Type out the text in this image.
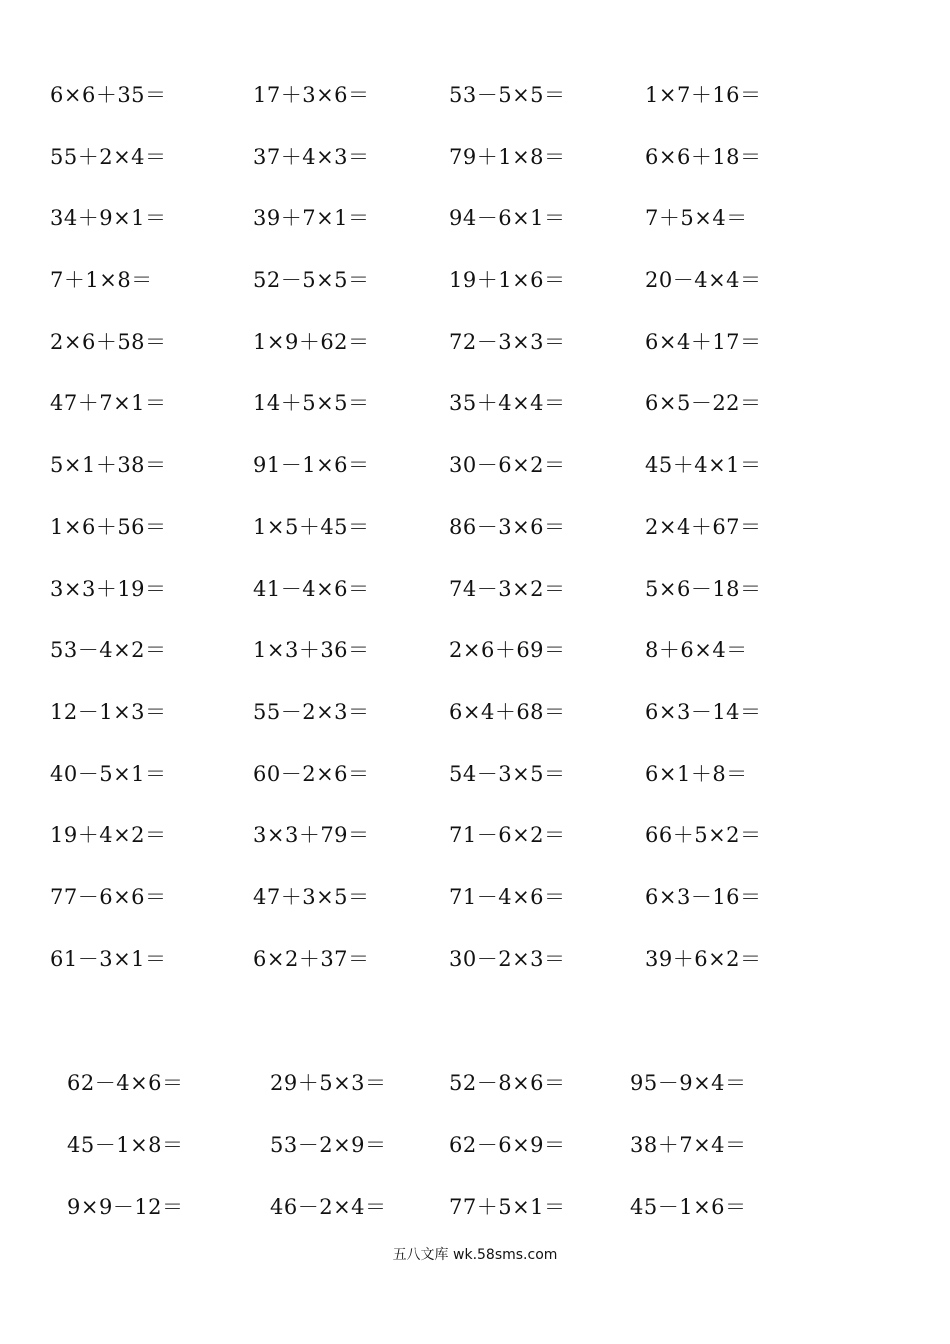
6×6＋35＝	17＋3×6＝	53－5×5＝	1×7＋16＝
55＋2×4＝	37＋4×3＝	79＋1×8＝	6×6＋18＝
34＋9×1＝	39＋7×1＝	94－6×1＝	7＋5×4＝
7＋1×8＝	52－5×5＝	19＋1×6＝	20－4×4＝
2×6＋58＝	1×9＋62＝	72－3×3＝	6×4＋17＝
47＋7×1＝	14＋5×5＝	35＋4×4＝	6×5－22＝
5×1＋38＝	91－1×6＝	30－6×2＝	45＋4×1＝
1×6＋56＝	1×5＋45＝	86－3×6＝	2×4＋67＝
3×3＋19＝	41－4×6＝	74－3×2＝	5×6－18＝
53－4×2＝	1×3＋36＝	2×6＋69＝	8＋6×4＝
12－1×3＝	55－2×3＝	6×4＋68＝	6×3－14＝
40－5×1＝	60－2×6＝	54－3×5＝	6×1＋8＝
19＋4×2＝	3×3＋79＝	71－6×2＝	66＋5×2＝
77－6×6＝	47＋3×5＝	71－4×6＝	6×3－16＝
61－3×1＝	6×2＋37＝	30－2×3＝	39＋6×2＝
62－4×6＝	29＋5×3＝	52－8×6＝	95－9×4＝
45－1×8＝	53－2×9＝	62－6×9＝	38＋7×4＝
9×9－12＝	46－2×4＝	77＋5×1＝	45－1×6＝
五八文库 wk.58sms.com
